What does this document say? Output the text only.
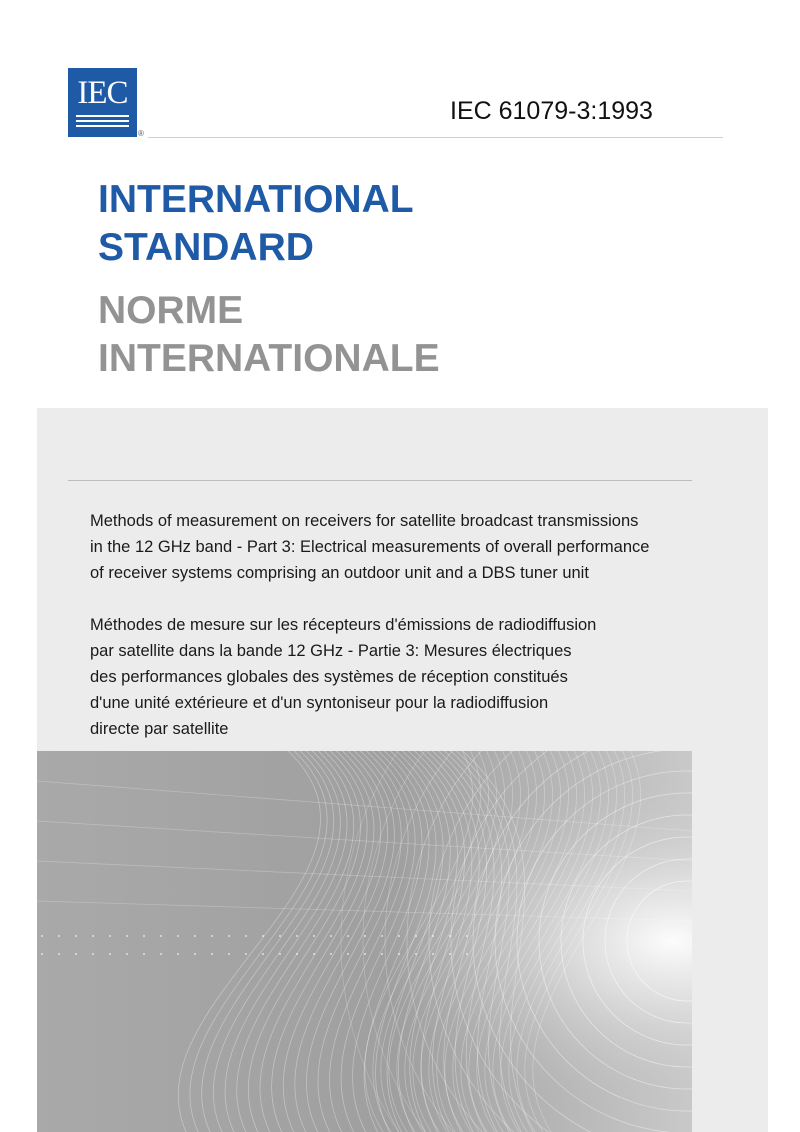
IEC
®
IEC 61079-3:1993
INTERNATIONAL
STANDARD
NORME
INTERNATIONALE

Methods of measurement on receivers for satellite broadcast transmissions
in the 12 GHz band - Part 3: Electrical measurements of overall performance
of receiver systems comprising an outdoor unit and a DBS tuner unit

Méthodes de mesure sur les récepteurs d'émissions de radiodiffusion
par satellite dans la bande 12 GHz - Partie 3: Mesures électriques
des performances globales des systèmes de réception constitués
d'une unité extérieure et d'un syntoniseur pour la radiodiffusion
directe par satellite
